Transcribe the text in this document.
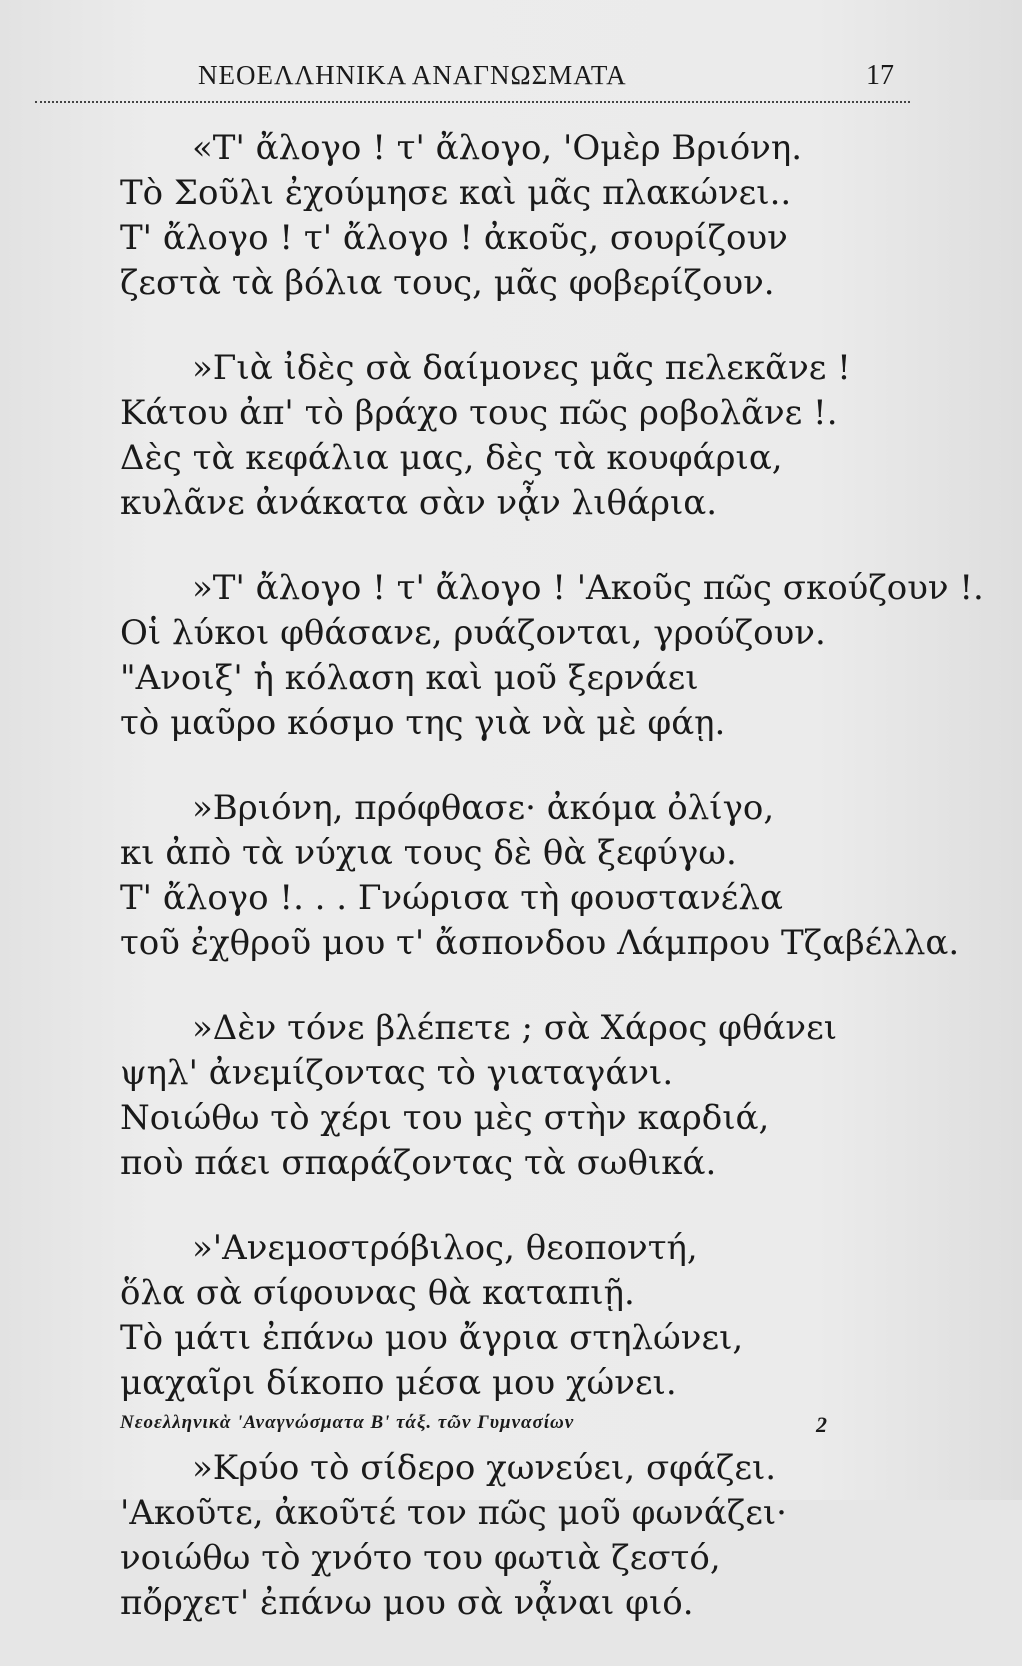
ΝΕΟΕΛΛΗΝΙΚΑ ΑΝΑΓΝΩΣΜΑΤΑ	17
«Τ' ἄλογο ! τ' ἄλογο, 'Ομὲρ Βριόνη.
Τὸ Σοῦλι ἐχούμησε καὶ μᾶς πλακώνει..
Τ' ἄλογο ! τ' ἄλογο ! ἀκοῦς, σουρίζουν
ζεστὰ τὰ βόλια τους, μᾶς φοβερίζουν.
»Γιὰ ἰδὲς σὰ δαίμονες μᾶς πελεκᾶνε !
Κάτου ἀπ' τὸ βράχο τους πῶς ροβολᾶνε !.
Δὲς τὰ κεφάλια μας, δὲς τὰ κουφάρια,
κυλᾶνε ἀνάκατα σὰν νᾆν λιθάρια.
»Τ' ἄλογο ! τ' ἄλογο ! 'Ακοῦς πῶς σκούζουν !.
Οἱ λύκοι φθάσανε, ρυάζονται, γρούζουν.
"Ανοιξ' ἡ κόλαση καὶ μοῦ ξερνάει
τὸ μαῦρο κόσμο της γιὰ νὰ μὲ φάῃ.
»Βριόνη, πρόφθασε· ἀκόμα ὀλίγο,
κι ἀπὸ τὰ νύχια τους δὲ θὰ ξεφύγω.
Τ' ἄλογο !. . . Γνώρισα τὴ φουστανέλα
τοῦ ἐχθροῦ μου τ' ἄσπονδου Λάμπρου Τζαβέλλα.
»Δὲν τόνε βλέπετε ; σὰ Χάρος φθάνει
ψηλ' ἀνεμίζοντας τὸ γιαταγάνι.
Νοιώθω τὸ χέρι του μὲς στὴν καρδιά,
ποὺ πάει σπαράζοντας τὰ σωθικά.
»'Ανεμοστρόβιλος, θεοποντή,
ὅλα σὰ σίφουνας θὰ καταπιῇ.
Τὸ μάτι ἐπάνω μου ἄγρια στηλώνει,
μαχαῖρι δίκοπο μέσα μου χώνει.
»Κρύο τὸ σίδερο χωνεύει, σφάζει.
'Ακοῦτε, ἀκοῦτέ τον πῶς μοῦ φωνάζει·
νοιώθω τὸ χνότο του φωτιὰ ζεστό,
πὄρχετ' ἐπάνω μου σὰ νᾆναι φιό.
Νεοελληνικὰ 'Αναγνώσματα Β' τάξ. τῶν Γυμνασίων	2
